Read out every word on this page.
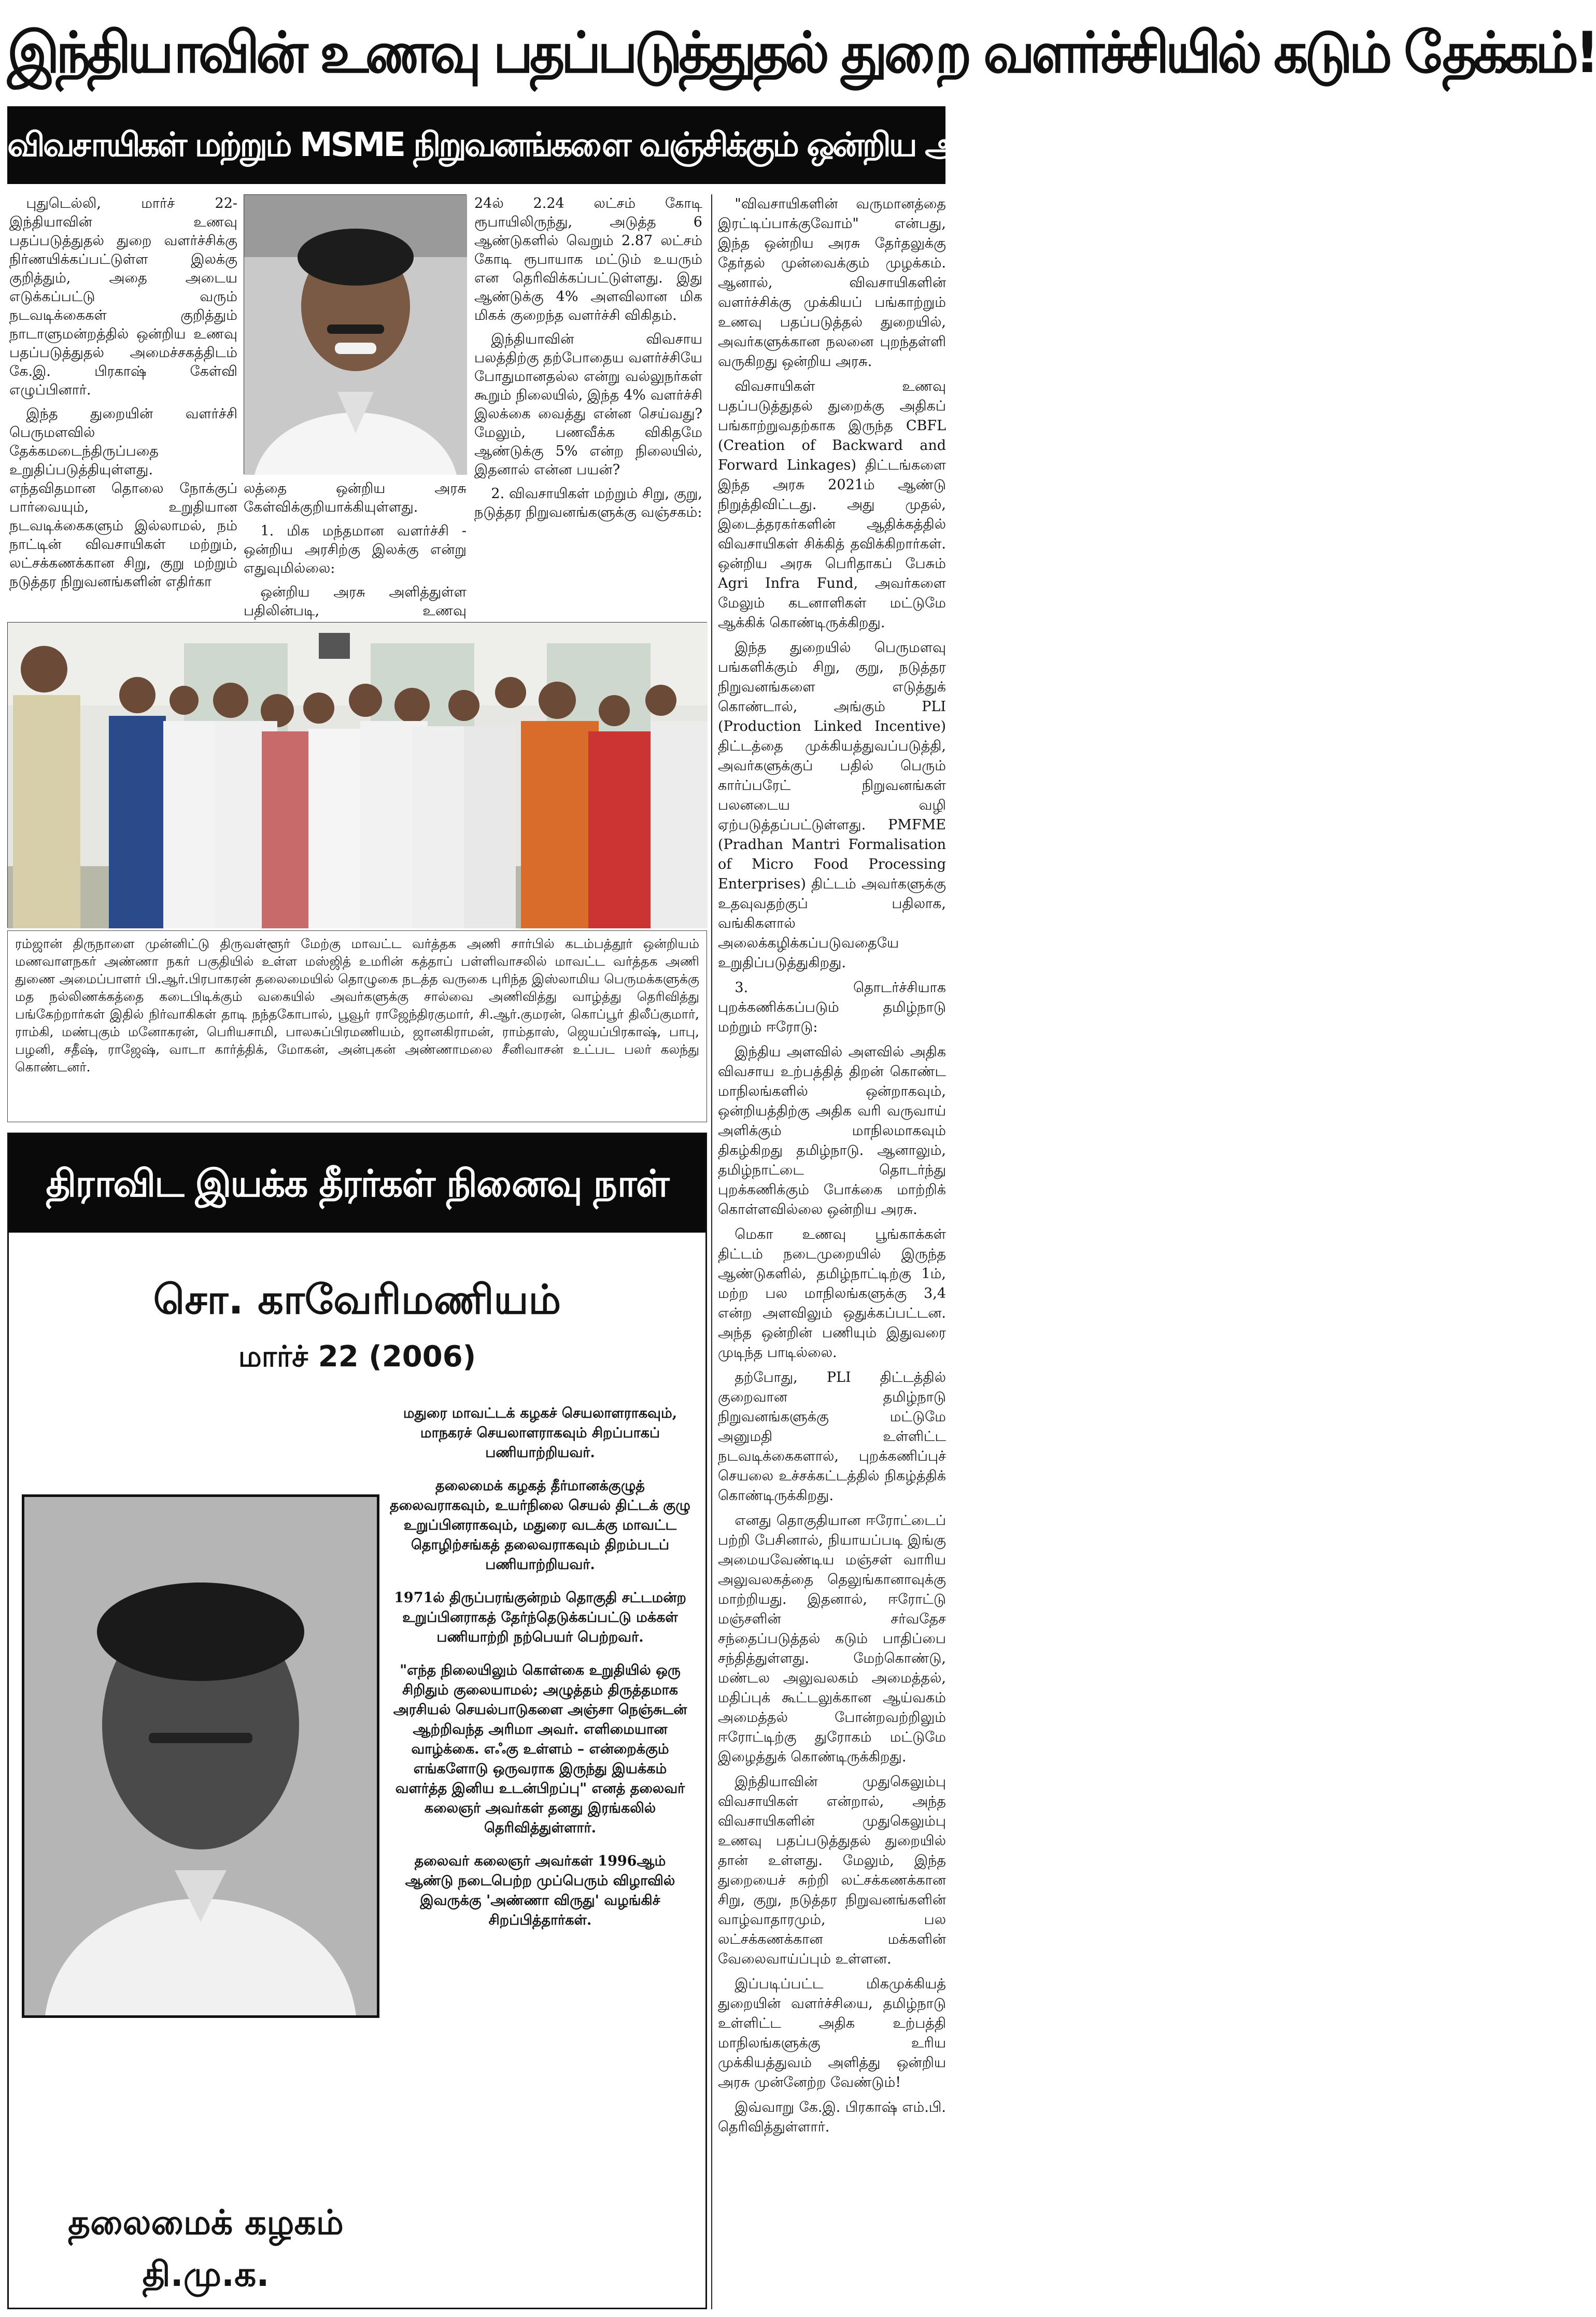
இந்தியாவின் உணவு பதப்படுத்துதல் துறை வளர்ச்சியில் கடும் தேக்கம்!
விவசாயிகள் மற்றும் MSME நிறுவனங்களை வஞ்சிக்கும் ஒன்றிய அரசிற்கு கே.இ.பிரகாஷ் எம்.பி. கண்டனம்!

புதுடெல்லி, மார்ச் 22- இந்தியாவின் உணவு பதப்படுத்துதல் துறை வளர்ச்சிக்கு நிர்ணயிக்கப்பட்டுள்ள இலக்கு குறித்தும், அதை அடைய எடுக்கப்பட்டு வரும் நடவடிக்கைகள் குறித்தும் நாடாளுமன்றத்தில் ஒன்றிய உணவு பதப்படுத்துதல் அமைச்சகத்திடம் கே.இ. பிரகாஷ் கேள்வி எழுப்பினார்.

இந்த துறையின் வளர்ச்சி பெருமளவில் தேக்கமடைந்திருப்பதை உறுதிப்படுத்தியுள்ளது. எந்தவிதமான தொலை நோக்குப் பார்வையும், உறுதியான நடவடிக்கைகளும் இல்லாமல், நம் நாட்டின் விவசாயிகள் மற்றும், லட்சக்கணக்கான சிறு, குறு மற்றும் நடுத்தர நிறுவனங்களின் எதிர்கா

லத்தை ஒன்றிய அரசு கேள்விக்குறியாக்கியுள்ளது.

1. மிக மந்தமான வளர்ச்சி - ஒன்றிய அரசிற்கு இலக்கு என்று எதுவுமில்லை:

ஒன்றிய அரசு அளித்துள்ள பதிலின்படி, உணவு

24ல் 2.24 லட்சம் கோடி ரூபாயிலிருந்து, அடுத்த 6 ஆண்டுகளில் வெறும் 2.87 லட்சம் கோடி ரூபாயாக மட்டும் உயரும் என தெரிவிக்கப்பட்டுள்ளது. இது ஆண்டுக்கு 4% அளவிலான மிக மிகக் குறைந்த வளர்ச்சி விகிதம்.

இந்தியாவின் விவசாய பலத்திற்கு தற்போதைய வளர்ச்சியே போதுமானதல்ல என்று வல்லுநர்கள் கூறும் நிலையில், இந்த 4% வளர்ச்சி இலக்கை வைத்து என்ன செய்வது? மேலும், பணவீக்க விகிதமே ஆண்டுக்கு 5% என்ற நிலையில், இதனால் என்ன பயன்?

2. விவசாயிகள் மற்றும் சிறு, குறு, நடுத்தர நிறுவனங்களுக்கு வஞ்சகம்:

"விவசாயிகளின் வருமானத்தை இரட்டிப்பாக்குவோம்" என்பது, இந்த ஒன்றிய அரசு தேர்தலுக்கு தேர்தல் முன்வைக்கும் முழக்கம். ஆனால், விவசாயிகளின் வளர்ச்சிக்கு முக்கியப் பங்காற்றும் உணவு பதப்படுத்தல் துறையில், அவர்களுக்கான நலனை புறந்தள்ளி வருகிறது ஒன்றிய அரசு.

விவசாயிகள் உணவு பதப்படுத்துதல் துறைக்கு அதிகப் பங்காற்றுவதற்காக இருந்த CBFL (Creation of Backward and Forward Linkages) திட்டங்களை இந்த அரசு 2021ம் ஆண்டு நிறுத்திவிட்டது. அது முதல், இடைத்தரகர்களின் ஆதிக்கத்தில் விவசாயிகள் சிக்கித் தவிக்கிறார்கள். ஒன்றிய அரசு பெரிதாகப் பேசும் Agri Infra Fund, அவர்களை மேலும் கடனாளிகள் மட்டுமே ஆக்கிக் கொண்டிருக்கிறது.

இந்த துறையில் பெருமளவு பங்களிக்கும் சிறு, குறு, நடுத்தர நிறுவனங்களை எடுத்துக் கொண்டால், அங்கும் PLI (Production Linked Incentive) திட்டத்தை முக்கியத்துவப்படுத்தி, அவர்களுக்குப் பதில் பெரும் கார்ப்பரேட் நிறுவனங்கள் பலனடைய வழி ஏற்படுத்தப்பட்டுள்ளது. PMFME (Pradhan Mantri Formalisation of Micro Food Processing Enterprises) திட்டம் அவர்களுக்கு உதவுவதற்குப் பதிலாக, வங்கிகளால் அலைக்கழிக்கப்படுவதையே உறுதிப்படுத்துகிறது.

3. தொடர்ச்சியாக புறக்கணிக்கப்படும் தமிழ்நாடு மற்றும் ஈரோடு:

இந்திய அளவில் அளவில் அதிக விவசாய உற்பத்தித் திறன் கொண்ட மாநிலங்களில் ஒன்றாகவும், ஒன்றியத்திற்கு அதிக வரி வருவாய் அளிக்கும் மாநிலமாகவும் திகழ்கிறது தமிழ்நாடு. ஆனாலும், தமிழ்நாட்டை தொடர்ந்து புறக்கணிக்கும் போக்கை மாற்றிக் கொள்ளவில்லை ஒன்றிய அரசு.

மெகா உணவு பூங்காக்கள் திட்டம் நடைமுறையில் இருந்த ஆண்டுகளில், தமிழ்நாட்டிற்கு 1ம், மற்ற பல மாநிலங்களுக்கு 3,4 என்ற அளவிலும் ஒதுக்கப்பட்டன. அந்த ஒன்றின் பணியும் இதுவரை முடிந்த பாடில்லை.

தற்போது, PLI திட்டத்தில் குறைவான தமிழ்நாடு நிறுவனங்களுக்கு மட்டுமே அனுமதி உள்ளிட்ட நடவடிக்கைகளால், புறக்கணிப்புச் செயலை உச்சக்கட்டத்தில் நிகழ்த்திக் கொண்டிருக்கிறது.

எனது தொகுதியான ஈரோட்டைப் பற்றி பேசினால், நியாயப்படி இங்கு அமையவேண்டிய மஞ்சள் வாரிய அலுவலகத்தை தெலுங்கானாவுக்கு மாற்றியது. இதனால், ஈரோட்டு மஞ்சளின் சர்வதேச சந்தைப்படுத்தல் கடும் பாதிப்பை சந்தித்துள்ளது. மேற்கொண்டு, மண்டல அலுவலகம் அமைத்தல், மதிப்புக் கூட்டலுக்கான ஆய்வகம் அமைத்தல் போன்றவற்றிலும் ஈரோட்டிற்கு துரோகம் மட்டுமே இழைத்துக் கொண்டிருக்கிறது.

இந்தியாவின் முதுகெலும்பு விவசாயிகள் என்றால், அந்த விவசாயிகளின் முதுகெலும்பு உணவு பதப்படுத்துதல் துறையில் தான் உள்ளது. மேலும், இந்த துறையைச் சுற்றி லட்சக்கணக்கான சிறு, குறு, நடுத்தர நிறுவனங்களின் வாழ்வாதாரமும், பல லட்சக்கணக்கான மக்களின் வேலைவாய்ப்பும் உள்ளன.

இப்படிப்பட்ட மிகமுக்கியத் துறையின் வளர்ச்சியை, தமிழ்நாடு உள்ளிட்ட அதிக உற்பத்தி மாநிலங்களுக்கு உரிய முக்கியத்துவம் அளித்து ஒன்றிய அரசு முன்னேற்ற வேண்டும்!

இவ்வாறு கே.இ. பிரகாஷ் எம்.பி. தெரிவித்துள்ளார்.

ரம்ஜான் திருநாளை முன்னிட்டு திருவள்ளூர் மேற்கு மாவட்ட வர்த்தக அணி சார்பில் கடம்பத்தூர் ஒன்றியம் மணவாளநகர் அண்ணா நகர் பகுதியில் உள்ள மஸ்ஜித் உமரின் கத்தாப் பள்ளிவாசலில் மாவட்ட வர்த்தக அணி துணை அமைப்பாளர் பி.ஆர்.பிரபாகரன் தலைமையில் தொழுகை நடத்த வருகை புரிந்த இஸ்லாமிய பெருமக்களுக்கு மத நல்லிணக்கத்தை கடைபிடிக்கும் வகையில் அவர்களுக்கு சால்வை அணிவித்து வாழ்த்து தெரிவித்து பங்கேற்றார்கள் இதில் நிர்வாகிகள் தாடி நந்தகோபால், பூவூர் ராஜேந்திரகுமார், சி.ஆர்.குமரன், கொப்பூர் திலீப்குமார், ராம்கி, மண்புகும் மனோகரன், பெரியசாமி, பாலசுப்பிரமணியம், ஜானகிராமன், ராம்தாஸ், ஜெயப்பிரகாஷ், பாபு, பழனி, சதீஷ், ராஜேஷ், வாடா கார்த்திக், மோகன், அன்புகன் அண்ணாமலை சீனிவாசன் உட்பட பலர் கலந்து கொண்டனர்.
திராவிட இயக்க தீரர்கள் நினைவு நாள்
சொ. காவேரிமணியம்
மார்ச் 22 (2006)

மதுரை மாவட்டக் கழகச் செயலாளராகவும், மாநகரச் செயலாளராகவும் சிறப்பாகப் பணியாற்றியவர்.

தலைமைக் கழகத் தீர்மானக்குழுத் தலைவராகவும், உயர்நிலை செயல் திட்டக் குழு உறுப்பினராகவும், மதுரை வடக்கு மாவட்ட தொழிற்சங்கத் தலைவராகவும் திறம்படப் பணியாற்றியவர்.

1971ல் திருப்பரங்குன்றம் தொகுதி சட்டமன்ற உறுப்பினராகத் தேர்ந்தெடுக்கப்பட்டு மக்கள் பணியாற்றி நற்பெயர் பெற்றவர்.

"எந்த நிலையிலும் கொள்கை உறுதியில் ஒரு சிறிதும் குலையாமல்; அழுத்தம் திருத்தமாக அரசியல் செயல்பாடுகளை அஞ்சா நெஞ்சுடன் ஆற்றிவந்த அரிமா அவர். எளிமையான வாழ்க்கை. எஃகு உள்ளம் – என்றைக்கும் எங்களோடு ஒருவராக இருந்து இயக்கம் வளர்த்த இனிய உடன்பிறப்பு" எனத் தலைவர் கலைஞர் அவர்கள் தனது இரங்கலில் தெரிவித்துள்ளார்.

தலைவர் கலைஞர் அவர்கள் 1996ஆம் ஆண்டு நடைபெற்ற முப்பெரும் விழாவில் இவருக்கு 'அண்ணா விருது' வழங்கிச் சிறப்பித்தார்கள்.

தலைமைக் கழகம்
தி.மு.க.
